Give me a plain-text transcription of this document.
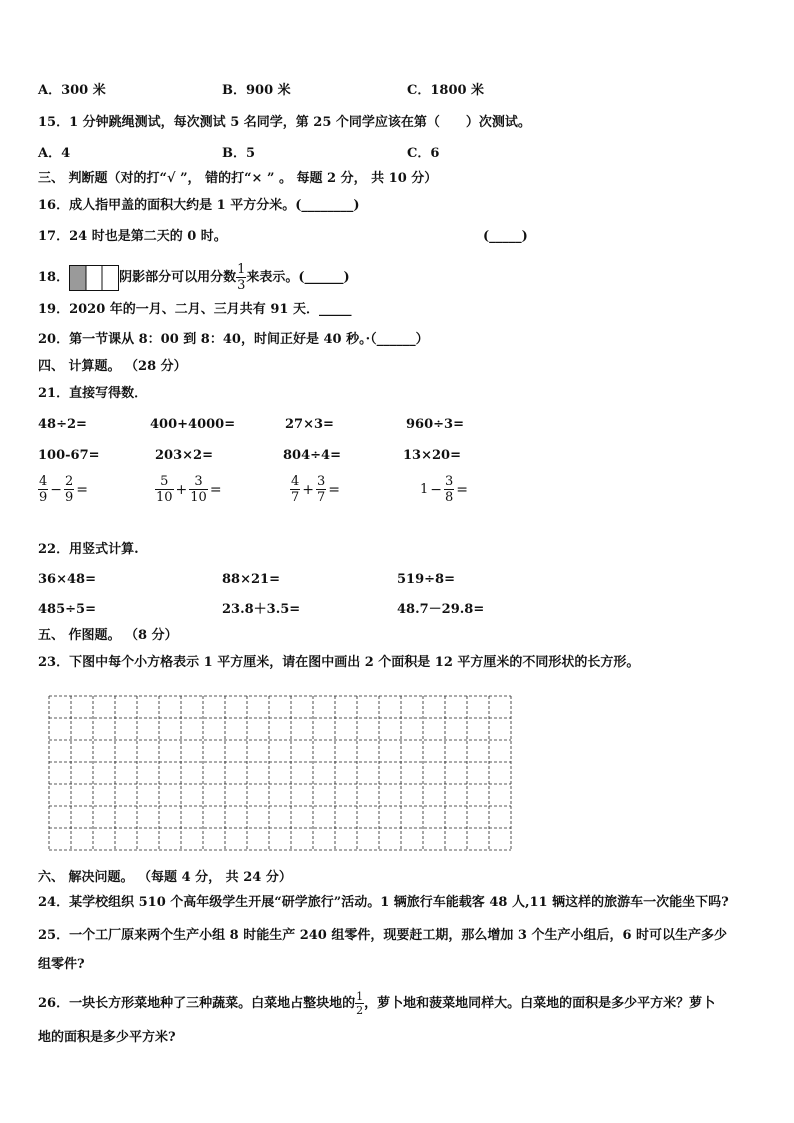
A．300 米	B．900 米	C．1800 米
15．1 分钟跳绳测试，每次测试 5 名同学，第 25 个同学应该在第（　　）次测试。
A．4	B．5	C．6
三、 判断题（对的打“√ ”， 错的打“× ” 。 每题 2 分， 共 10 分）
16．成人指甲盖的面积大约是 1 平方分米。(________)
17．24 时也是第二天的 0 时。	(_____)
18．	阴影部分可以用分数 $\frac{1}{3}$ 来表示。(______)
19．2020 年的一月、二月、三月共有 91 天．_____
20．第一节课从 8：00 到 8：40，时间正好是 40 秒。·（______）
四、 计算题。 （28 分）
21．直接写得数．
48÷2=	400+4000=	27×3=	960÷3=
100-67=	203×2=	804÷4=	13×20=
$\frac{4}{9} - \frac{2}{9}$ =	$\frac{5}{10} + \frac{3}{10}$ =	$\frac{4}{7} + \frac{3}{7}$ =	$1 - \frac{3}{8}$ =
22．用竖式计算.
36×48=	88×21=	519÷8=
485÷5=	23.8＋3.5=	48.7－29.8=
五、 作图题。 （8 分）
23．下图中每个小方格表示 1 平方厘米，请在图中画出 2 个面积是 12 平方厘米的不同形状的长方形。
六、 解决问题。 （每题 4 分， 共 24 分）
24．某学校组织 510 个高年级学生开展“研学旅行”活动。1 辆旅行车能载客 48 人,11 辆这样的旅游车一次能坐下吗?
25．一个工厂原来两个生产小组 8 时能生产 240 组零件，现要赶工期，那么增加 3 个生产小组后，6 时可以生产多少
组零件?
26．一块长方形菜地种了三种蔬菜。白菜地占整块地的 $\frac{1}{2}$ ，萝卜地和菠菜地同样大。白菜地的面积是多少平方米？萝卜
地的面积是多少平方米?
